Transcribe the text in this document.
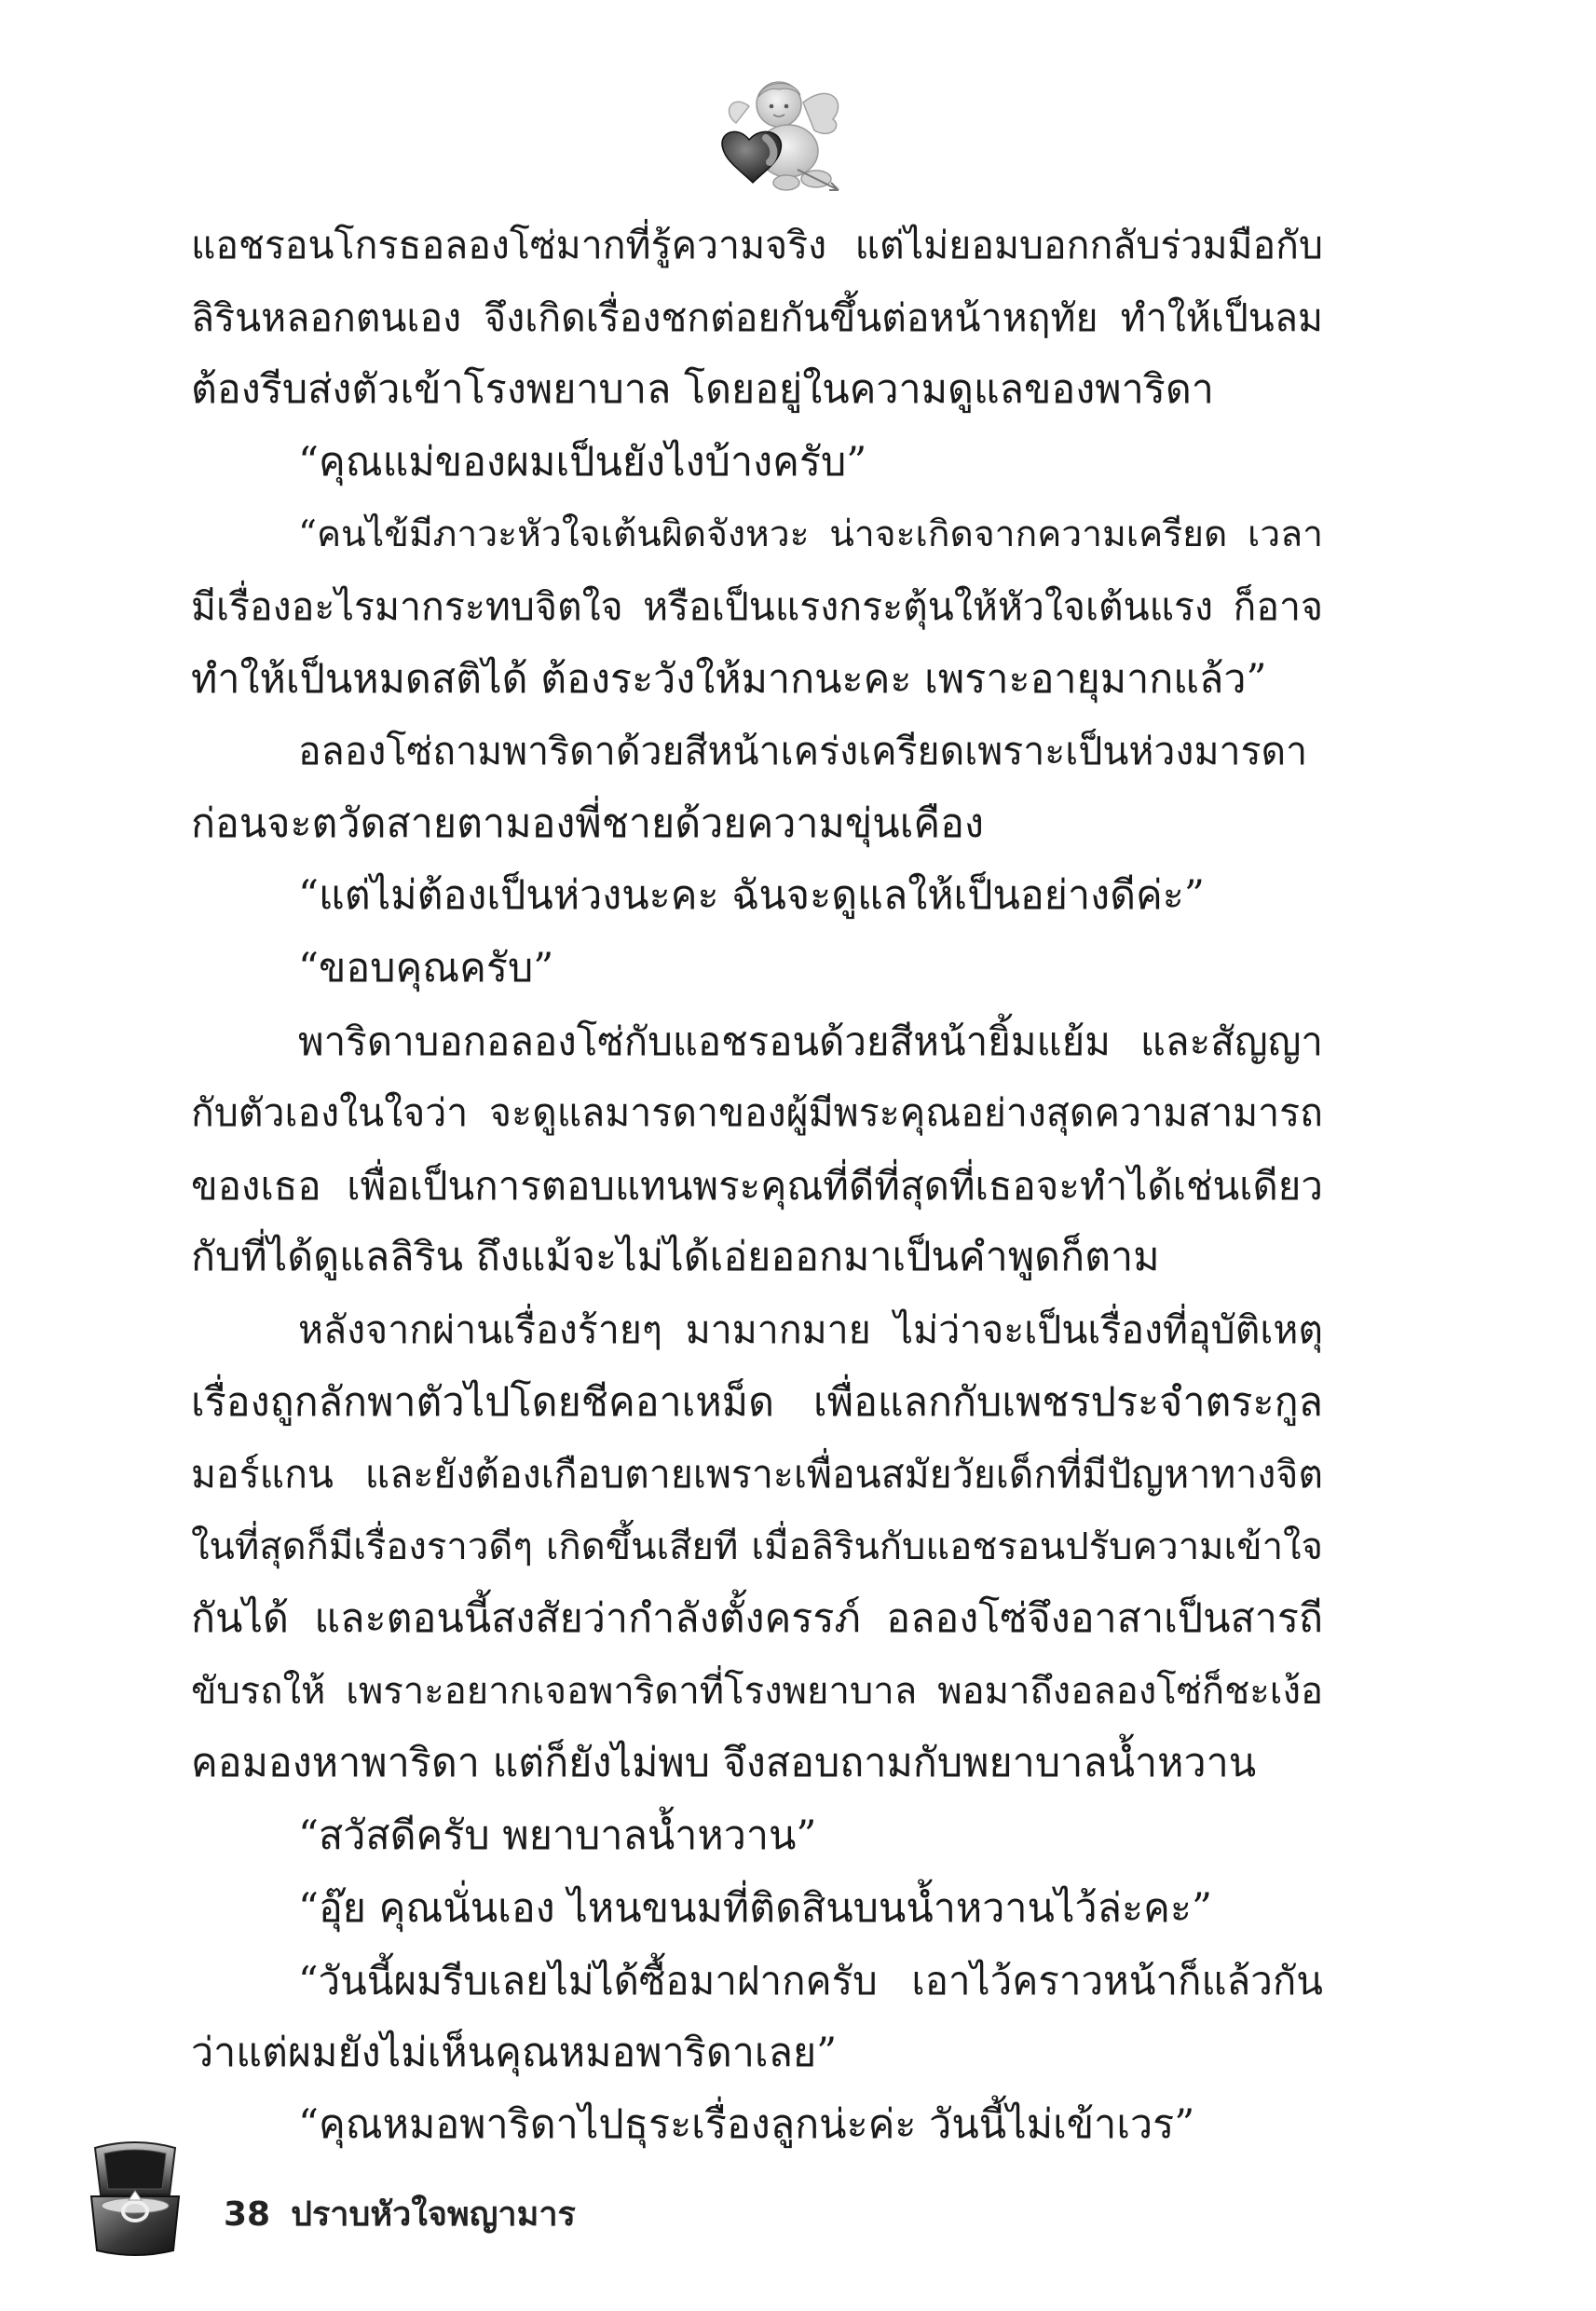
แอชรอนโกรธอลองโซ่มากที่รู้ความจริง แต่ไม่ยอมบอกกลับร่วมมือกับ
ลิรินหลอกตนเอง จึงเกิดเรื่องชกต่อยกันขึ้นต่อหน้าหฤทัย ทำให้เป็นลม
ต้องรีบส่งตัวเข้าโรงพยาบาล โดยอยู่ในความดูแลของพาริดา
“คุณแม่ของผมเป็นยังไงบ้างครับ”
“คนไข้มีภาวะหัวใจเต้นผิดจังหวะ น่าจะเกิดจากความเครียด เวลา
มีเรื่องอะไรมากระทบจิตใจ หรือเป็นแรงกระตุ้นให้หัวใจเต้นแรง ก็อาจ
ทำให้เป็นหมดสติได้ ต้องระวังให้มากนะคะ เพราะอายุมากแล้ว”
อลองโซ่ถามพาริดาด้วยสีหน้าเคร่งเครียดเพราะเป็นห่วงมารดา
ก่อนจะตวัดสายตามองพี่ชายด้วยความขุ่นเคือง
“แต่ไม่ต้องเป็นห่วงนะคะ ฉันจะดูแลให้เป็นอย่างดีค่ะ”
“ขอบคุณครับ”
พาริดาบอกอลองโซ่กับแอชรอนด้วยสีหน้ายิ้มแย้ม และสัญญา
กับตัวเองในใจว่า จะดูแลมารดาของผู้มีพระคุณอย่างสุดความสามารถ
ของเธอ เพื่อเป็นการตอบแทนพระคุณที่ดีที่สุดที่เธอจะทำได้เช่นเดียว
กับที่ได้ดูแลลิริน ถึงแม้จะไม่ได้เอ่ยออกมาเป็นคำพูดก็ตาม
หลังจากผ่านเรื่องร้ายๆ มามากมาย ไม่ว่าจะเป็นเรื่องที่อุบัติเหตุ
เรื่องถูกลักพาตัวไปโดยชีคอาเหม็ด เพื่อแลกกับเพชรประจำตระกูล
มอร์แกน และยังต้องเกือบตายเพราะเพื่อนสมัยวัยเด็กที่มีปัญหาทางจิต
ในที่สุดก็มีเรื่องราวดีๆ เกิดขึ้นเสียที เมื่อลิรินกับแอชรอนปรับความเข้าใจ
กันได้ และตอนนี้สงสัยว่ากำลังตั้งครรภ์ อลองโซ่จึงอาสาเป็นสารถี
ขับรถให้ เพราะอยากเจอพาริดาที่โรงพยาบาล พอมาถึงอลองโซ่ก็ชะเง้อ
คอมองหาพาริดา แต่ก็ยังไม่พบ จึงสอบถามกับพยาบาลน้ำหวาน
“สวัสดีครับ พยาบาลน้ำหวาน”
“อุ๊ย คุณนั่นเอง ไหนขนมที่ติดสินบนน้ำหวานไว้ล่ะคะ”
“วันนี้ผมรีบเลยไม่ได้ซื้อมาฝากครับ เอาไว้คราวหน้าก็แล้วกัน
ว่าแต่ผมยังไม่เห็นคุณหมอพาริดาเลย”
“คุณหมอพาริดาไปธุระเรื่องลูกน่ะค่ะ วันนี้ไม่เข้าเวร”
38 ปราบหัวใจพญามาร
